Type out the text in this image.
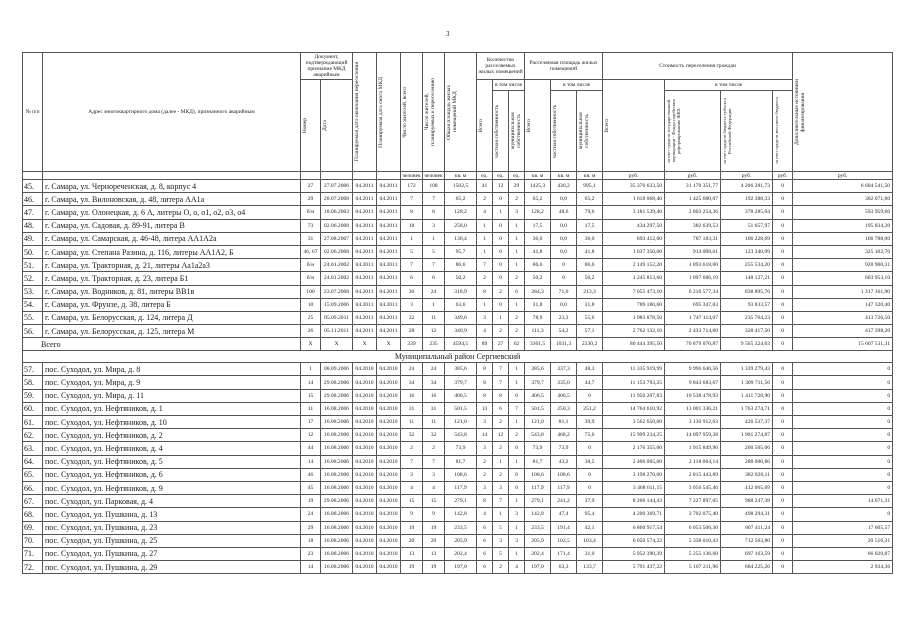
3
№ п/п	Адрес многоквартирного дома (далее - МКД), признанного аварийным	Документ, подтверждающий признание МКД аварийным		Планируемая дата окончания переселения	Планируемая дата сноса МКД	Число жителей, всего	Число жителей, планируемых к переселению	Общая площадь жилых помещений МКД	Количество расселяемых жилых помещений			Расселяемая площадь жилых помещений			Стоимость переселения граждан				Дополнительные источники финансирования

		Номер	Дата						Всего	в том числе		Всего	в том числе		Всего	в том числе			

										частная собственность	муниципальная собственность		частная собственность	муниципальная собственность		за счет средств государственной корпорации - Фонда содействия реформированию ЖКХ	за счет средств бюджета субъекта Российской Федерации	за счет средств местного бюджета	

						человек	человек	кв. м	ед.	ед.	ед.	кв. м	кв. м	кв. м	руб.	руб.	руб.	руб.	руб.
45.	г. Самара, ул. Чернореченская, д. 8, корпус 4	27	27.07.2006	04.2011	04.2011	172	108	1502,5	41	12	29	1425,3	430,2	995,1	35 376 633,50	31 170 351,77	4 206 281,73	0	6 604 541,50
46.	г. Самара, ул. Вилоновская, д. 48, литера АА1а	29	28.07.2008	04.2011	04.2011	7	7	65,2	2	0	2	65,2	0,0	65,2	1 618 068,40	1 425 680,07	192 388,33	0	302 071,60
47.	г. Самара, ул. Олонецкая, д. 6 А, литеры О, о, о1, о2, о3, о4	б/н	18.06.2003	04.2011	04.2011	8	8	128,2	4	1	3	128,2	48,6	79,6	3 181 539,40	2 803 254,36	378 285,04	0	593 959,60
48.	г. Самара, ул. Садовая, д. 89-91, литера В	73	02.06.2008	04.2011	04.2011	18	3	258,0	1	0	1	17,5	0,0	17,5	434 297,50	382 639,53	51 657,97	0	195 834,20
49.	г. Самара, ул. Самарская, д. 46-48, литера АА1А2а	31	27.08.2007	04.2011	04.2011	1	1	136,4	1	0	1	36,0	0,0	36,0	893 412,00	787 183,31	106 228,69	0	166 788,00
50.	г. Самара, ул. Степана Разина, д. 116, литеры АА1А2, Б	46, 67	02.06.2008	04.2011	04.2011	5	5	95,7	1	0	1	41,8	0,0	41,8	1 037 350,00	914 008,61	123 340,99	0	325 102,70
51.	г. Самара, ул. Тракторная, д. 21, литеры Аа1а2а3	б/н	24.01.2002	04.2011	04.2011	7	7	86,6	7	0	1	86,6	0	86,6	2 149 152,20	1 893 618,00	255 534,20	0	928 900,31
52.	г. Самара, ул. Тракторная, д. 23, литера Б1	б/н	24.01.2002	04.2011	04.2011	6	6	50,2	2	0	2	50,2	0	50,2	1 245 813,60	1 097 686,19	148 127,21	0	603 953,10
53.	г. Самара, ул. Водников, д. 81, литеры ВВ1в	100	23.07.2008	04.2011	04.2011	30	24	318,9	8	2	6	284,3	71,0	213,3	7 055 473,10	6 216 577,34	838 895,76	0	1 317 161,90
54.	г. Самара, ул. Фрунзе, д. 38, литера Б	10	15.09.2006	04.2011	04.2011	3	1	63,6	1	0	1	31,8	0,0	31,8	789 180,60	695 347,03	93 833,57	0	147 320,40
55.	г. Самара, ул. Белорусская, д. 124, литера Д	25	05.09.2011	04.2011	04.2011	32	11	349,6	3	1	2	78,9	23,3	55,6	1 983 878,50	1 747 114,07	235 764,23	0	413 726,50
56.	г. Самара, ул. Белорусская, д. 125, литера М	26	05.11.2011	04.2011	04.2011	28	12	340,9	4	2	2	111,3	54,2	57,1	2 762 132,10	2 433 714,60	328 417,50	0	417 398,20
Всего		X	X	X	X	339	235	4594,5	89	27	62	3361,5	1031,3	2330,2	80 444 395,50	70 879 070,87	9 565 324,63	0	15 607 511,31
Муниципальный район Сергиевский																			
57.	пос. Суходол, ул. Мира, д. 8	1	08.09.2006	04.2010	04.2010	24	24	385,6	8	7	1	385,6	337,3	48,3	11 335 919,99	9 996 640,56	1 339 279,43	0	0
58.	пос. Суходол, ул. Мира, д. 9	14	29.08.2006	04.2010	04.2010	34	34	379,7	8	7	1	379,7	335,0	44,7	11 153 793,25	9 843 683,67	1 309 711,56	0	0
59.	пос. Суходол, ул. Мира, д. 11	15	29.08.2006	04.2010	04.2010	16	16	406,5	8	8	0	406,5	406,5	0	11 950 207,83	10 538 478,93	1 411 728,90	0	0
60.	пос. Суходол, ул. Нефтяников, д. 1	11	16.08.2006	04.2010	04.2010	31	31	501,5	13	6	7	501,5	250,3	251,2	14 764 610,92	13 001 336,21	1 763 274,71	0	0
61.	пос. Суходол, ул. Нефтяников, д. 10	17	16.08.2006	04.2010	04.2010	11	11	121,0	3	2	1	121,0	81,1	39,9	3 562 650,00	3 136 912,63	426 537,37	0	0
62.	пос. Суходол, ул. Нефтяников, д. 2	12	16.08.2006	04.2010	04.2010	32	32	543,8	14	12	2	543,8	468,2	75,6	15 999 234,25	14 097 959,38	1 901 274,87	0	0
63.	пос. Суходол, ул. Нефтяников, д. 4	44	16.08.2006	04.2010	04.2010	2	2	73,9	3	2	0	73,9	73,9	0	2 176 355,00	1 915 849,96	260 505,06	0	0
64.	пос. Суходол, ул. Нефтяников, д. 5	14	16.08.2006	04.2010	04.2010	7	7	81,7	2	1	1	81,7	43,2	38,5	2 406 065,00	2 118 064,14	288 000,86	0	0
65.	пос. Суходол, ул. Нефтяников, д. 6	46	16.08.2006	04.2010	04.2010	3	3	108,6	2	2	0	108,6	108,6	0	3 198 270,00	2 815 443,89	382 826,11	0	0
66.	пос. Суходол, ул. Нефтяников, д. 9	45	16.08.2006	04.2010	04.2010	4	4	117,9	3	3	0	117,9	117,9	0	3 468 611,15	3 056 545,46	412 065,69	0	0
67.	пос. Суходол, ул. Парковая, д. 4	19	29.08.2006	04.2010	04.2010	15	15	279,1	8	7	1	279,1	241,2	37,9	8 206 144,43	7 227 897,05	988 247,38	0	14 671,31
68.	пос. Суходол, ул. Пушкина, д. 13	24	16.08.2006	04.2010	04.2010	9	9	142,8	4	1	3	142,8	47,4	95,4	4 200 369,71	3 702 075,40	498 294,31	0	0
69.	пос. Суходол, ул. Пушкина, д. 23	29	16.08.2006	04.2010	04.2010	19	19	233,5	6	5	1	233,5	191,4	42,1	6 860 917,54	6 053 506,30	807 411,24	0	17 605,57
70.	пос. Суходол, ул. Пушкина, д. 25	18	16.08.2006	04.2010	04.2010	20	20	205,9	6	3	3	205,9	102,5	103,4	6 050 574,22	5 338 010,43	712 563,80	0	20 516,31
71.	пос. Суходол, ул. Пушкина, д. 27	23	16.08.2006	04.2010	04.2010	13	13	202,4	6	5	1	202,4	171,4	31,0	5 952 390,39	5 255 136,60	697 163,59	0	66 020,87
72.	пос. Суходол, ул. Пушкина, д. 29	14	16.08.2006	04.2010	04.2010	19	19	197,0	6	2	4	197,0	63,3	133,7	5 791 437,22	5 107 211,96	684 225,26	0	2 934,36
